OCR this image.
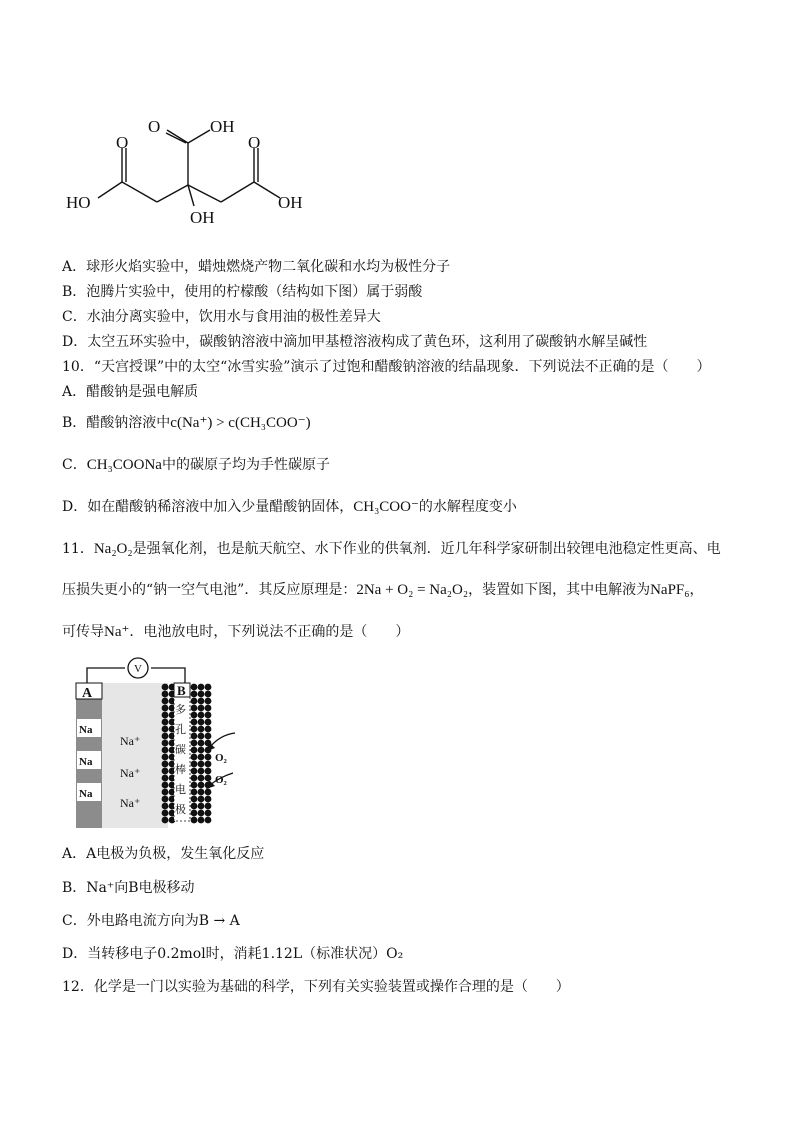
O	OH
O	O
HO	OH
OH
A．球形火焰实验中，蜡烛燃烧产物二氧化碳和水均为极性分子
B．泡腾片实验中，使用的柠檬酸（结构如下图）属于弱酸
C．水油分离实验中，饮用水与食用油的极性差异大
D．太空五环实验中，碳酸钠溶液中滴加甲基橙溶液构成了黄色环，这利用了碳酸钠水解呈碱性
10．“天宫授课”中的太空“冰雪实验”演示了过饱和醋酸钠溶液的结晶现象．下列说法不正确的是（　　）
A．醋酸钠是强电解质
B．醋酸钠溶液中c(Na⁺) > c(CH₃COO⁻)
C．CH₃COONa中的碳原子均为手性碳原子
D．如在醋酸钠稀溶液中加入少量醋酸钠固体，CH₃COO⁻的水解程度变小
11．Na₂O₂是强氧化剂，也是航天航空、水下作业的供氧剂．近几年科学家研制出较锂电池稳定性更高、电
压损失更小的“钠一空气电池”．其反应原理是：2Na + O₂ = Na₂O₂，装置如下图，其中电解液为NaPF₆，
可传导Na⁺．电池放电时，下列说法不正确的是（　　）
V
A
Na
Na
Na
Na⁺
Na⁺
Na⁺
B
多
孔
碳
棒
电
极
O₂
O₂
A．A电极为负极，发生氧化反应
B．Na⁺向B电极移动
C．外电路电流方向为B → A
D．当转移电子0.2mol时，消耗1.12L（标准状况）O₂
12．化学是一门以实验为基础的科学，下列有关实验装置或操作合理的是（　　）
